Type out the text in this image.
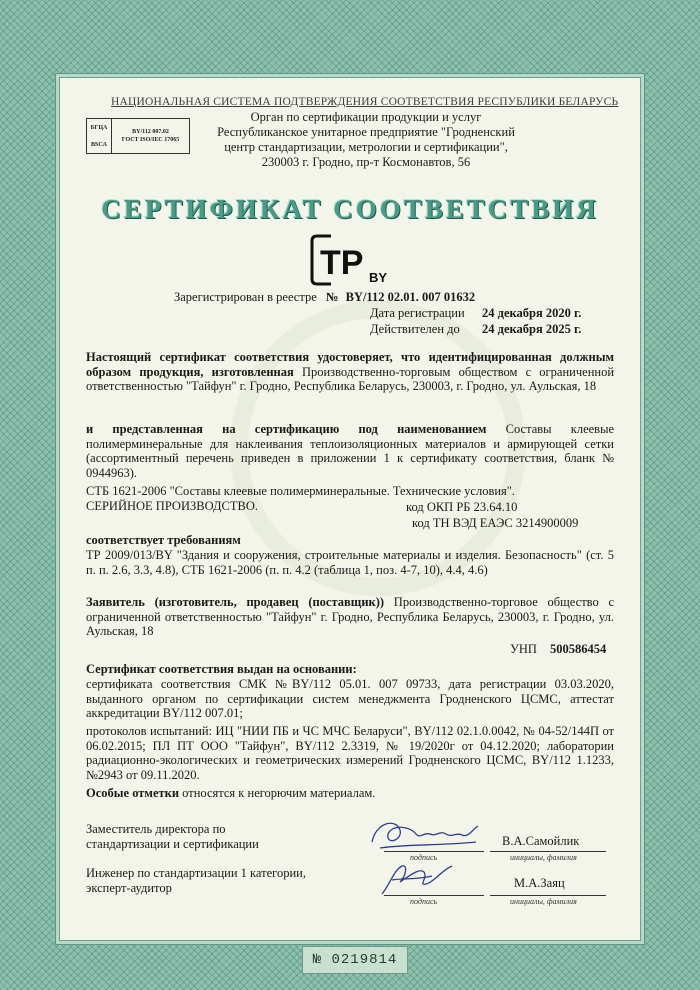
НАЦИОНАЛЬНАЯ СИСТЕМА ПОДТВЕРЖДЕНИЯ СООТВЕТСТВИЯ РЕСПУБЛИКИ БЕЛАРУСЬ
БГЦА
BSCA
BY/112 007.02
ГОСТ ISO/IEC 17065
Орган по сертификации продукции и услуг
Республиканское унитарное предприятие "Гродненский
центр стандартизации, метрологии и сертификации",
230003 г. Гродно, пр-т Космонавтов, 56
СЕРТИФИКАТ СООТВЕТСТВИЯ
TP BY
Зарегистрирован в реестре № BY/112 02.01. 007 01632
Дата регистрации 24 декабря 2020 г.
Действителен до 24 декабря 2025 г.
Настоящий сертификат соответствия удостоверяет, что идентифицированная должным образом продукция, изготовленная Производственно-торговым обществом с ограниченной ответственностью "Тайфун" г. Гродно, Республика Беларусь, 230003, г. Гродно, ул. Аульская, 18
и представленная на сертификацию под наименованием Составы клеевые полимерминеральные для наклеивания теплоизоляционных материалов и армирующей сетки (ассортиментный перечень приведен в приложении 1 к сертификату соответствия, бланк № 0944963).
СТБ 1621-2006 "Составы клеевые полимерминеральные. Технические условия".
СЕРИЙНОЕ ПРОИЗВОДСТВО.	код ОКП РБ 23.64.10
код ТН ВЭД ЕАЭС 3214900009
соответствует требованиям
ТР 2009/013/BY "Здания и сооружения, строительные материалы и изделия. Безопасность" (ст. 5 п. п. 2.6, 3.3, 4.8), СТБ 1621-2006 (п. п. 4.2 (таблица 1, поз. 4-7, 10), 4.4, 4.6)
Заявитель (изготовитель, продавец (поставщик)) Производственно-торговое общество с ограниченной ответственностью "Тайфун" г. Гродно, Республика Беларусь, 230003, г. Гродно, ул. Аульская, 18
УНП 500586454
Сертификат соответствия выдан на основании:
сертификата соответствия СМК №BY/112 05.01. 007 09733, дата регистрации 03.03.2020, выданного органом по сертификации систем менеджмента Гродненского ЦСМС, аттестат аккредитации BY/112 007.01;
протоколов испытаний: ИЦ "НИИ ПБ и ЧС МЧС Беларуси", BY/112 02.1.0.0042, № 04-52/144П от 06.02.2015; ПЛ ПТ ООО "Тайфун", BY/112 2.3319, № 19/2020г от 04.12.2020; лаборатории радиационно-экологических и геометрических измерений Гродненского ЦСМС, BY/112 1.1233, №2943 от 09.11.2020.
Особые отметки относятся к негорючим материалам.
Заместитель директора по
стандартизации и сертификации
подпись
В.А.Самойлик
инициалы, фамилия
Инженер по стандартизации 1 категории,
эксперт-аудитор
подпись
М.А.Заяц
инициалы, фамилия
№ 0219814
